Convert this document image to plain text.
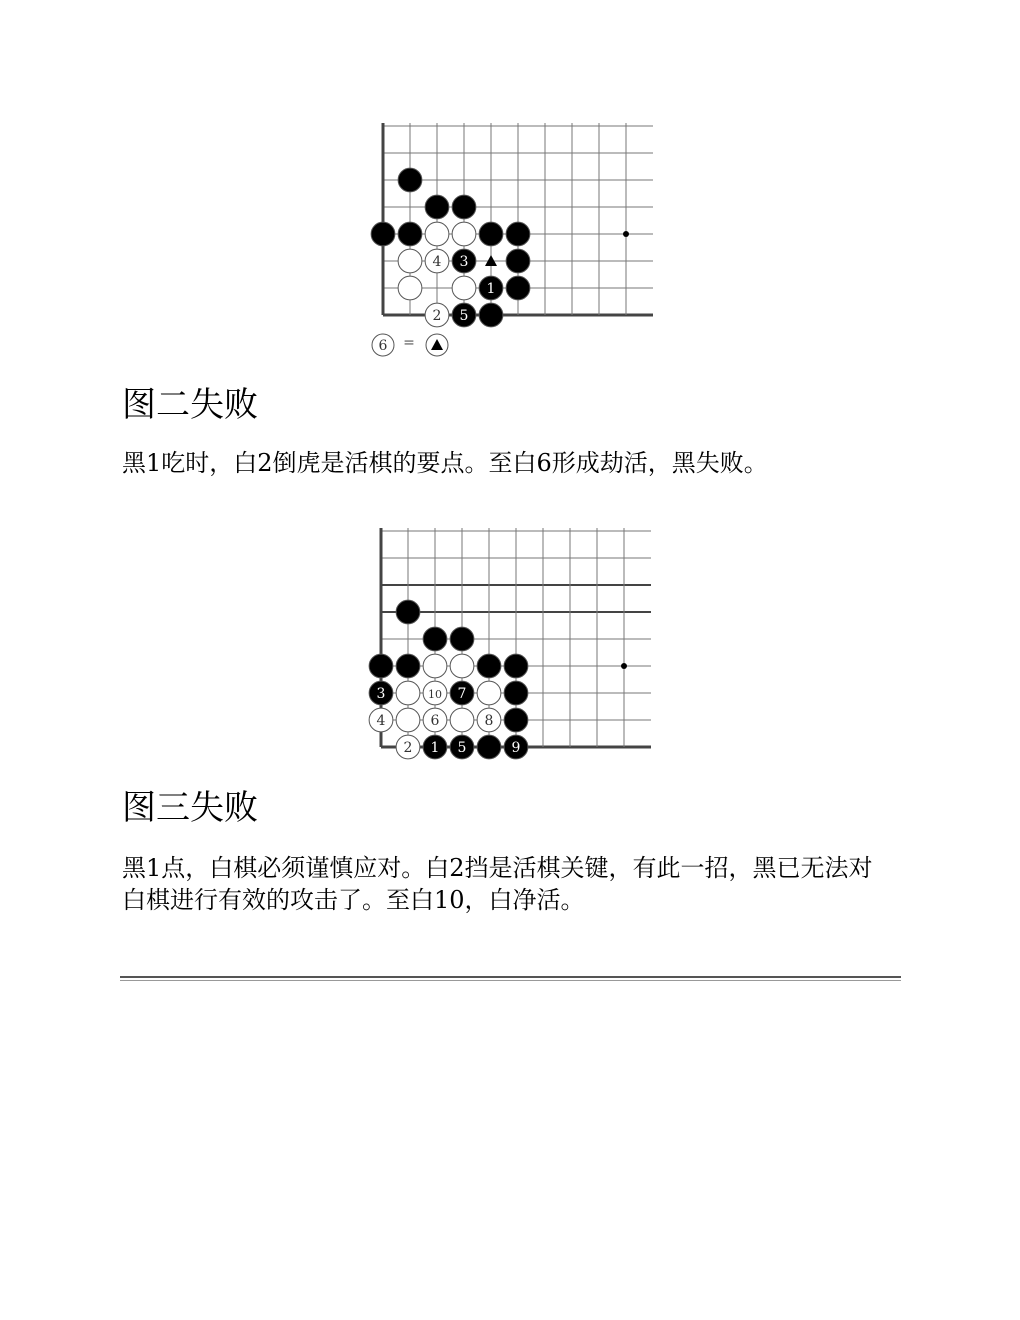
4 3
1
2 5
6 =
图二失败

黑1吃时，白2倒虎是活棋的要点。至白6形成劫活，黑失败。

3	10 7
4	6	8
2 1 5	9
图三失败

黑1点，白棋必须谨慎应对。白2挡是活棋关键，有此一招，黑已无法对白棋进行有效的攻击了。至白10，白净活。
